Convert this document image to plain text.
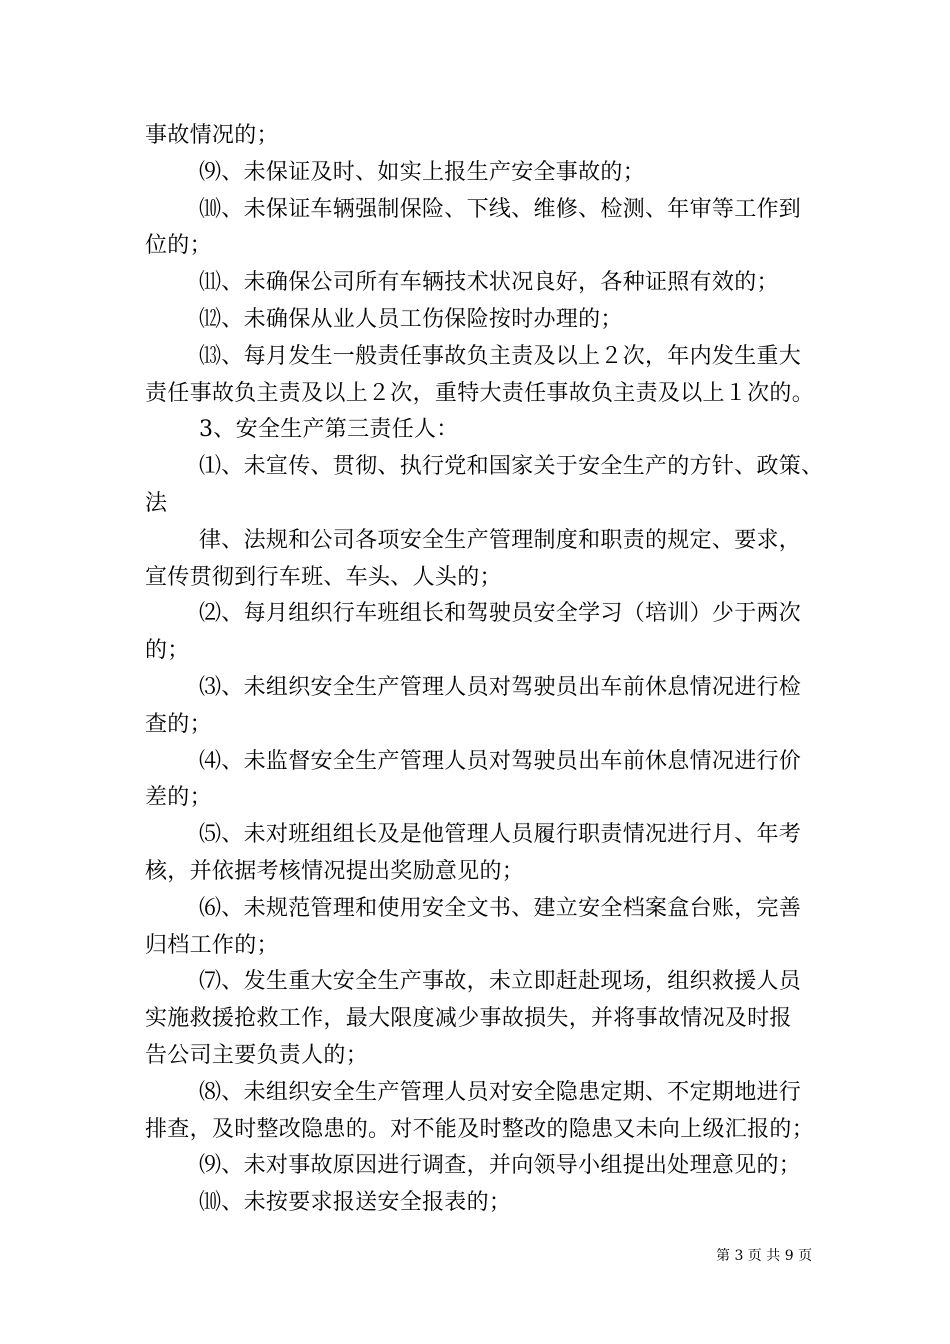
事故情况的；
⑼、未保证及时、如实上报生产安全事故的；
⑽、未保证车辆强制保险、下线、维修、检测、年审等工作到
位的；
⑾、未确保公司所有车辆技术状况良好，各种证照有效的；
⑿、未确保从业人员工伤保险按时办理的；
⒀、每月发生一般责任事故负主责及以上２次，年内发生重大
责任事故负主责及以上２次，重特大责任事故负主责及以上１次的。
3、安全生产第三责任人：
⑴、未宣传、贯彻、执行党和国家关于安全生产的方针、政策、
法
律、法规和公司各项安全生产管理制度和职责的规定、要求，
宣传贯彻到行车班、车头、人头的；
⑵、每月组织行车班组长和驾驶员安全学习（培训）少于两次
的；
⑶、未组织安全生产管理人员对驾驶员出车前休息情况进行检
查的；
⑷、未监督安全生产管理人员对驾驶员出车前休息情况进行价
差的；
⑸、未对班组组长及是他管理人员履行职责情况进行月、年考
核，并依据考核情况提出奖励意见的；
⑹、未规范管理和使用安全文书、建立安全档案盒台账，完善
归档工作的；
⑺、发生重大安全生产事故，未立即赶赴现场，组织救援人员
实施救援抢救工作，最大限度减少事故损失，并将事故情况及时报
告公司主要负责人的；
⑻、未组织安全生产管理人员对安全隐患定期、不定期地进行
排查，及时整改隐患的。对不能及时整改的隐患又未向上级汇报的；
⑼、未对事故原因进行调查，并向领导小组提出处理意见的；
⑽、未按要求报送安全报表的；
第 3 页 共 9 页
